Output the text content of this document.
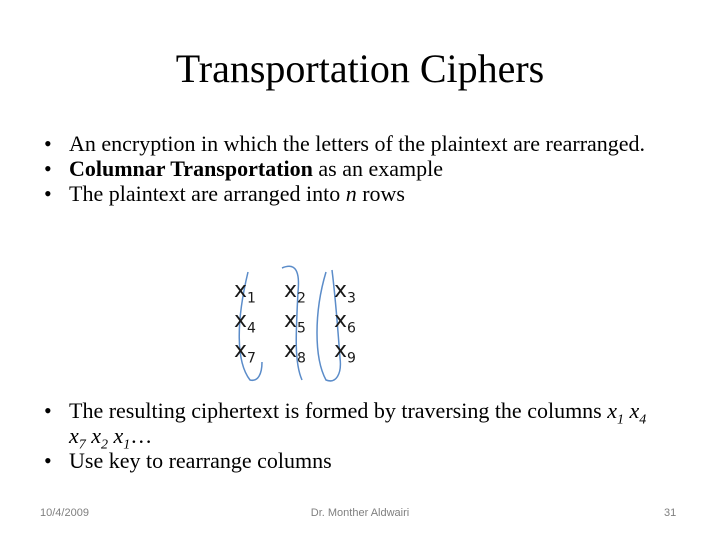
Transportation Ciphers
• An encryption in which the letters of the plaintext are rearranged.
• Columnar Transportation as an example
• The plaintext are arranged into n rows
$x_1$ $x_2$ $x_3$
$x_4$ $x_5$ $x_6$
$x_7$ $x_8$ $x_9$
• The resulting ciphertext is formed by traversing the columns $x_1$ $x_4$ $x_7$ $x_2$ $x_1\dots$
• Use key to rearrange columns
10/4/2009	Dr. Monther Aldwairi	31
